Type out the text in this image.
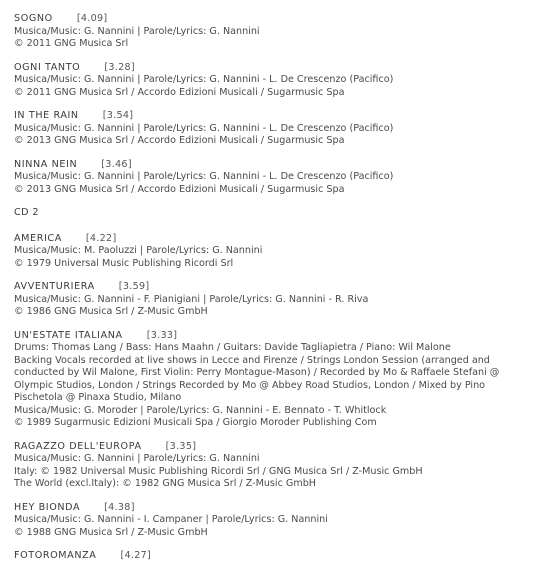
SOGNO	[4.09]
Musica/Music: G. Nannini | Parole/Lyrics: G. Nannini
© 2011 GNG Musica Srl
OGNI TANTO	[3.28]
Musica/Music: G. Nannini | Parole/Lyrics: G. Nannini - L. De Crescenzo (Pacifico)
© 2011 GNG Musica Srl / Accordo Edizioni Musicali / Sugarmusic Spa
IN THE RAIN	[3.54]
Musica/Music: G. Nannini | Parole/Lyrics: G. Nannini - L. De Crescenzo (Pacifico)
© 2013 GNG Musica Srl / Accordo Edizioni Musicali / Sugarmusic Spa
NINNA NEIN	[3.46]
Musica/Music: G. Nannini | Parole/Lyrics: G. Nannini - L. De Crescenzo (Pacifico)
© 2013 GNG Musica Srl / Accordo Edizioni Musicali / Sugarmusic Spa
CD 2
AMERICA	[4.22]
Musica/Music: M. Paoluzzi | Parole/Lyrics: G. Nannini
© 1979 Universal Music Publishing Ricordi Srl
AVVENTURIERA	[3.59]
Musica/Music: G. Nannini - F. Pianigiani | Parole/Lyrics: G. Nannini - R. Riva
© 1986 GNG Musica Srl / Z-Music GmbH
UN'ESTATE ITALIANA	[3.33]
Drums: Thomas Lang / Bass: Hans Maahn / Guitars: Davide Tagliapietra / Piano: Wil Malone
Backing Vocals recorded at live shows in Lecce and Firenze / Strings London Session (arranged and
conducted by Wil Malone, First Violin: Perry Montague-Mason) / Recorded by Mo & Raffaele Stefani @
Olympic Studios, London / Strings Recorded by Mo @ Abbey Road Studios, London / Mixed by Pino
Pischetola @ Pinaxa Studio, Milano
Musica/Music: G. Moroder | Parole/Lyrics: G. Nannini - E. Bennato - T. Whitlock
© 1989 Sugarmusic Edizioni Musicali Spa / Giorgio Moroder Publishing Com
RAGAZZO DELL'EUROPA	[3.35]
Musica/Music: G. Nannini | Parole/Lyrics: G. Nannini
Italy: © 1982 Universal Music Publishing Ricordi Srl / GNG Musica Srl / Z-Music GmbH
The World (excl.Italy): © 1982 GNG Musica Srl / Z-Music GmbH
HEY BIONDA	[4.38]
Musica/Music: G. Nannini - I. Campaner | Parole/Lyrics: G. Nannini
© 1988 GNG Musica Srl / Z-Music GmbH
FOTOROMANZA	[4.27]
